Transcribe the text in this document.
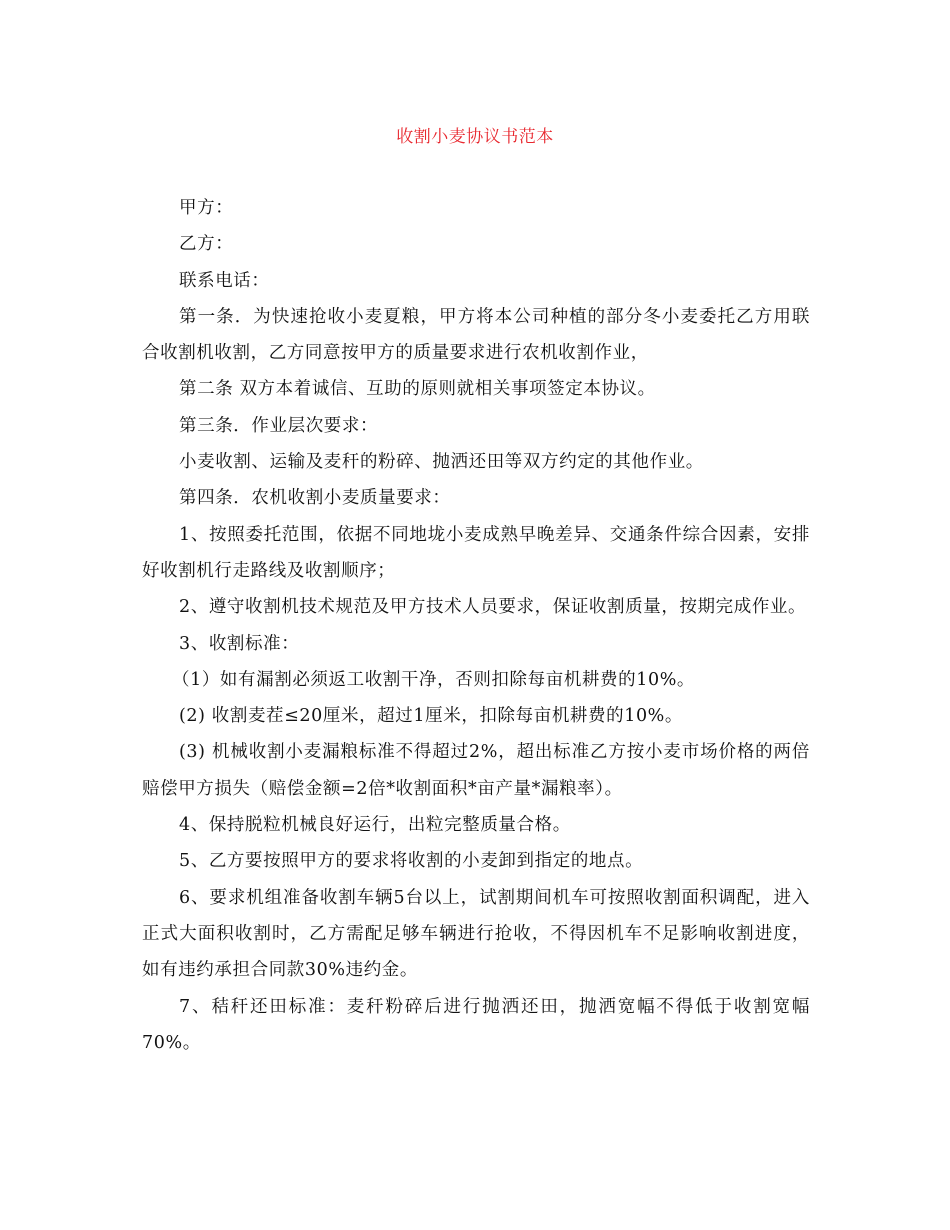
收割小麦协议书范本

甲方：

乙方：

联系电话：

第一条．为快速抢收小麦夏粮，甲方将本公司种植的部分冬小麦委托乙方用联合收割机收割，乙方同意按甲方的质量要求进行农机收割作业，

第二条 双方本着诚信、互助的原则就相关事项签定本协议。

第三条．作业层次要求：

小麦收割、运输及麦秆的粉碎、抛洒还田等双方约定的其他作业。

第四条．农机收割小麦质量要求：

1、按照委托范围，依据不同地垅小麦成熟早晚差异、交通条件综合因素，安排好收割机行走路线及收割顺序；

2、遵守收割机技术规范及甲方技术人员要求，保证收割质量，按期完成作业。

3、收割标准：

（1）如有漏割必须返工收割干净，否则扣除每亩机耕费的10%。

(2) 收割麦茬≤20厘米，超过1厘米，扣除每亩机耕费的10%。

(3) 机械收割小麦漏粮标准不得超过2%，超出标准乙方按小麦市场价格的两倍赔偿甲方损失（赔偿金额=2倍*收割面积*亩产量*漏粮率）。

4、保持脱粒机械良好运行，出粒完整质量合格。

5、乙方要按照甲方的要求将收割的小麦卸到指定的地点。

6、要求机组准备收割车辆5台以上，试割期间机车可按照收割面积调配，进入正式大面积收割时，乙方需配足够车辆进行抢收，不得因机车不足影响收割进度，如有违约承担合同款30%违约金。

7、秸秆还田标准：麦秆粉碎后进行抛洒还田，抛洒宽幅不得低于收割宽幅70%。
